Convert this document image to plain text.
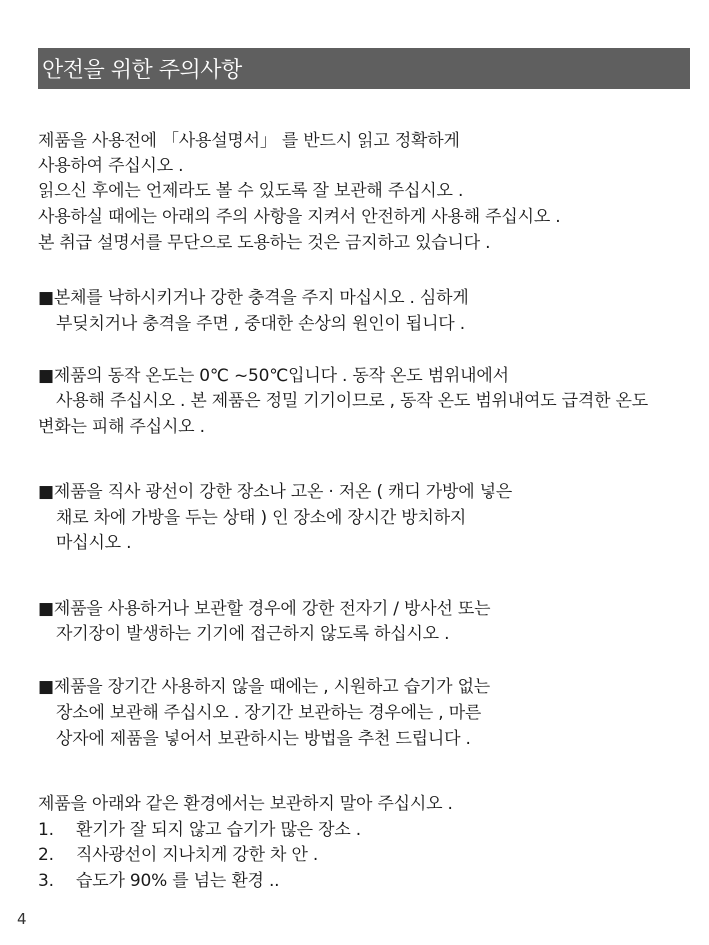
안전을 위한 주의사항
제품을 사용전에 「사용설명서」 를 반드시 읽고 정확하게
사용하여 주십시오 .
읽으신 후에는 언제라도 볼 수 있도록 잘 보관해 주십시오 .
사용하실 때에는 아래의 주의 사항을 지켜서 안전하게 사용해 주십시오 .
본 취급 설명서를 무단으로 도용하는 것은 금지하고 있습니다 .
■본체를 낙하시키거나 강한 충격을 주지 마십시오 . 심하게
부딪치거나 충격을 주면 , 중대한 손상의 원인이 됩니다 .
■제품의 동작 온도는 0℃ ~50℃입니다 . 동작 온도 범위내에서
사용해 주십시오 . 본 제품은 정밀 기기이므로 , 동작 온도 범위내여도 급격한 온도
변화는 피해 주십시오 .
■제품을 직사 광선이 강한 장소나 고온 · 저온 ( 캐디 가방에 넣은
채로 차에 가방을 두는 상태 ) 인 장소에 장시간 방치하지
마십시오 .
■제품을 사용하거나 보관할 경우에 강한 전자기 / 방사선 또는
자기장이 발생하는 기기에 접근하지 않도록 하십시오 .
■제품을 장기간 사용하지 않을 때에는 , 시원하고 습기가 없는
장소에 보관해 주십시오 . 장기간 보관하는 경우에는 , 마른
상자에 제품을 넣어서 보관하시는 방법을 추천 드립니다 .
제품을 아래와 같은 환경에서는 보관하지 말아 주십시오 .
1. 환기가 잘 되지 않고 습기가 많은 장소 .
2. 직사광선이 지나치게 강한 차 안 .
3. 습도가 90% 를 넘는 환경 ..
4
